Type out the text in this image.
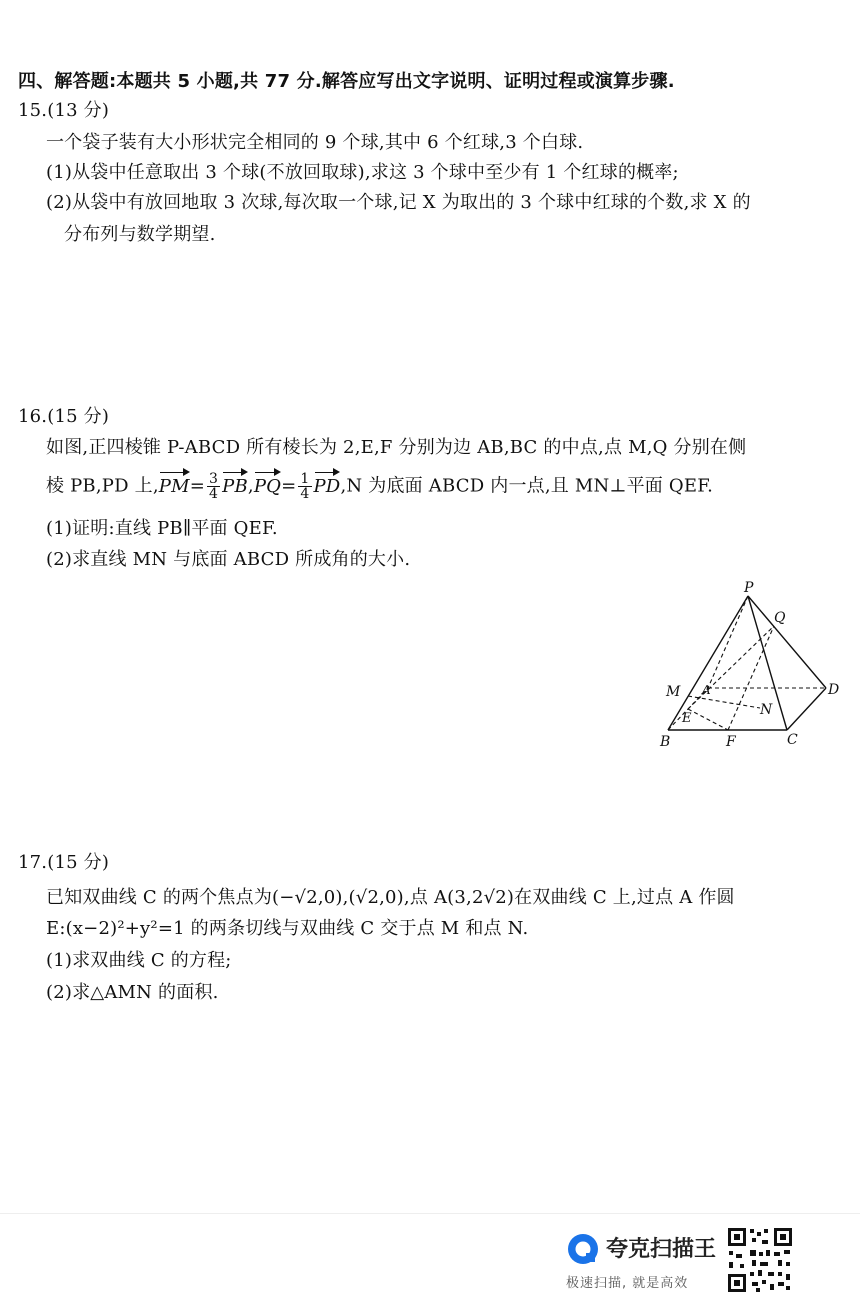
四、解答题:本题共 5 小题,共 77 分.解答应写出文字说明、证明过程或演算步骤.
15.(13 分)
一个袋子装有大小形状完全相同的 9 个球,其中 6 个红球,3 个白球.
(1)从袋中任意取出 3 个球(不放回取球),求这 3 个球中至少有 1 个红球的概率;
(2)从袋中有放回地取 3 次球,每次取一个球,记 X 为取出的 3 个球中红球的个数,求 X 的
分布列与数学期望.
16.(15 分)
如图,正四棱锥 P-ABCD 所有棱长为 2,E,F 分别为边 AB,BC 的中点,点 M,Q 分别在侧
棱 PB,PD 上$,PM= \frac{3}{4} PB,PQ= \frac{1}{4} PD,N$ 为底面 ABCD 内一点,且 MN⊥平面 QEF.
(1)证明:直线 PB∥平面 QEF.
(2)求直线 MN 与底面 ABCD 所成角的大小.
P
Q
M A	D
E
N
B	F	C
17.(15 分)
已知双曲线 C 的两个焦点为(−√2,0),(√2,0),点 A(3,2√2)在双曲线 C 上,过点 A 作圆
E:(x−2)²+y²=1 的两条切线与双曲线 C 交于点 M 和点 N.
(1)求双曲线 C 的方程;
(2)求△AMN 的面积.
夸克扫描王
极速扫描, 就是高效
